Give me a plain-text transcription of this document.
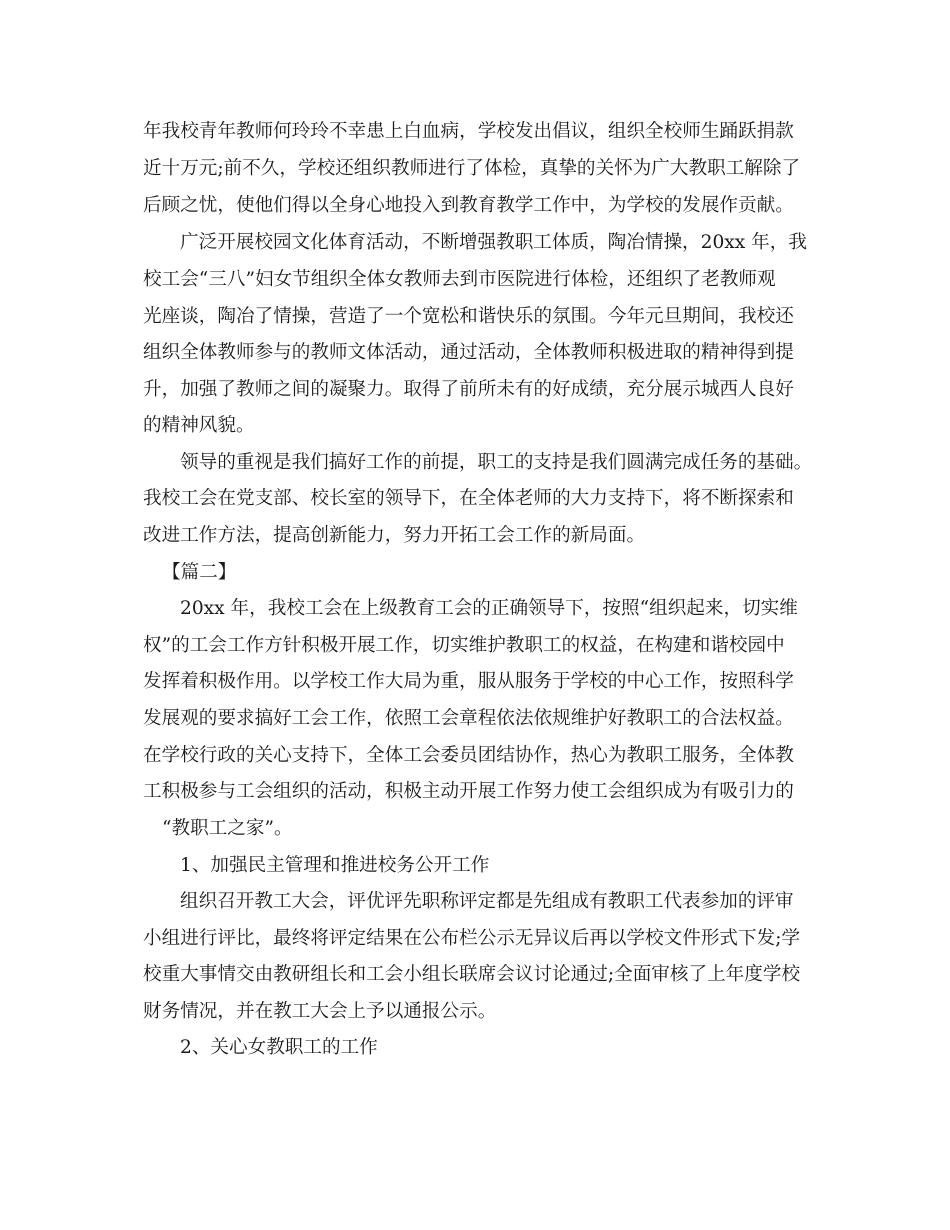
年我校青年教师何玲玲不幸患上白血病，学校发出倡议，组织全校师生踊跃捐款
近十万元;前不久，学校还组织教师进行了体检，真挚的关怀为广大教职工解除了
后顾之忧，使他们得以全身心地投入到教育教学工作中，为学校的发展作贡献。
广泛开展校园文化体育活动，不断增强教职工体质，陶冶情操，20xx 年，我
校工会“三八”妇女节组织全体女教师去到市医院进行体检，还组织了老教师观
光座谈，陶冶了情操，营造了一个宽松和谐快乐的氛围。今年元旦期间，我校还
组织全体教师参与的教师文体活动，通过活动，全体教师积极进取的精神得到提
升，加强了教师之间的凝聚力。取得了前所未有的好成绩，充分展示城西人良好
的精神风貌。
领导的重视是我们搞好工作的前提，职工的支持是我们圆满完成任务的基础。
我校工会在党支部、校长室的领导下，在全体老师的大力支持下，将不断探索和
改进工作方法，提高创新能力，努力开拓工会工作的新局面。
【篇二】
20xx 年，我校工会在上级教育工会的正确领导下，按照“组织起来，切实维
权”的工会工作方针积极开展工作，切实维护教职工的权益，在构建和谐校园中
发挥着积极作用。以学校工作大局为重，服从服务于学校的中心工作，按照科学
发展观的要求搞好工会工作，依照工会章程依法依规维护好教职工的合法权益。
在学校行政的关心支持下，全体工会委员团结协作，热心为教职工服务，全体教
工积极参与工会组织的活动，积极主动开展工作努力使工会组织成为有吸引力的
“教职工之家”。
1、加强民主管理和推进校务公开工作
组织召开教工大会，评优评先职称评定都是先组成有教职工代表参加的评审
小组进行评比，最终将评定结果在公布栏公示无异议后再以学校文件形式下发;学
校重大事情交由教研组长和工会小组长联席会议讨论通过;全面审核了上年度学校
财务情况，并在教工大会上予以通报公示。
2、关心女教职工的工作
